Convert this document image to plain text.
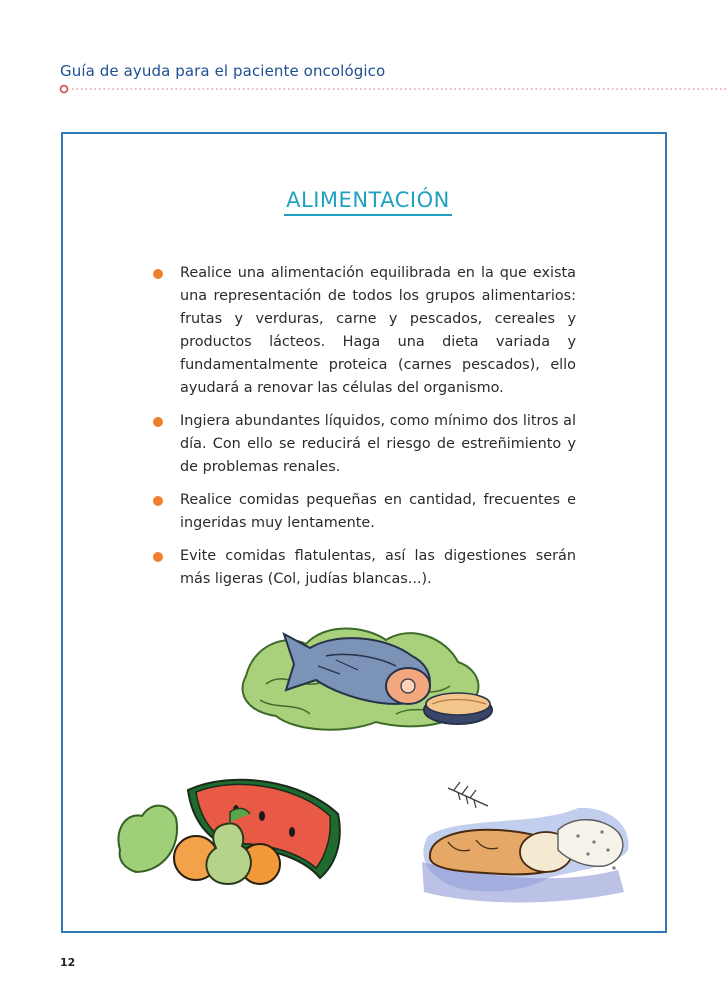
Guía de ayuda para el paciente oncológico
ALIMENTACIÓN
Realice una alimentación equilibrada en la que exista una representación de todos los grupos alimentarios: frutas y verduras, carne y pescados, cereales y productos lácteos. Haga una dieta variada y fundamentalmente proteica (carnes pescados), ello ayudará a renovar las células del organismo.
Ingiera abundantes líquidos, como mínimo dos litros al día. Con ello se reducirá el riesgo de estreñimiento y de problemas renales.
Realice comidas pequeñas en cantidad, frecuentes e ingeridas muy lentamente.
Evite comidas flatulentas, así las digestiones serán más ligeras (Col, judías blancas...).
12
